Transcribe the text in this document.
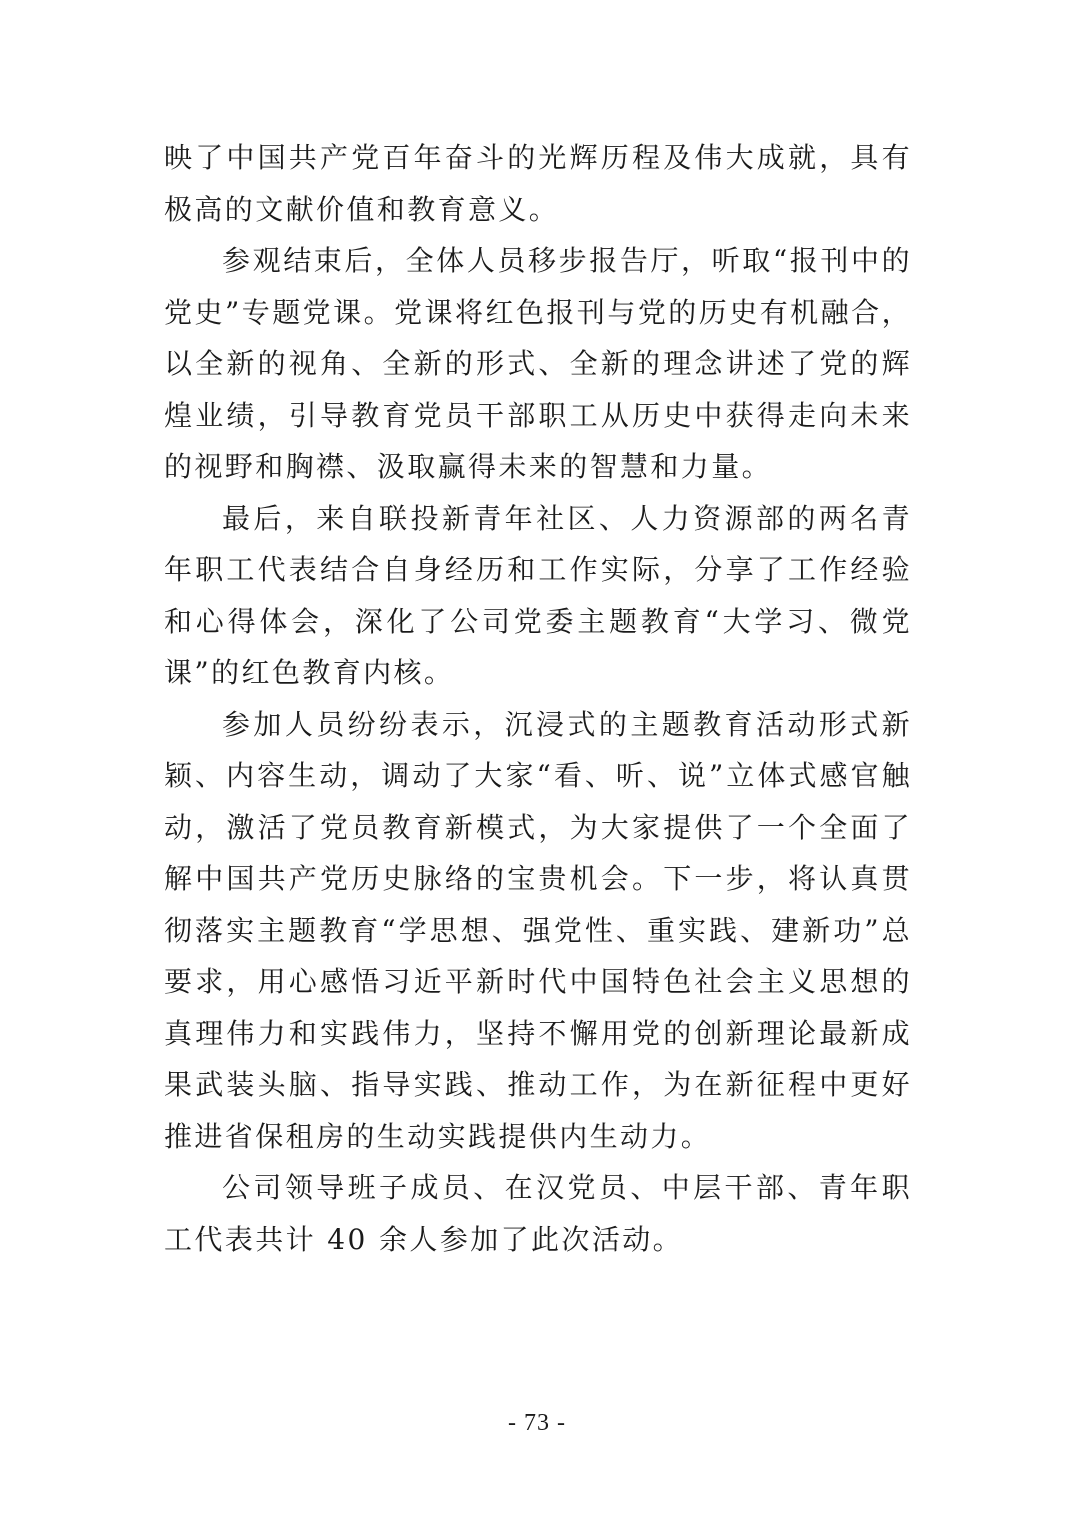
映了中国共产党百年奋斗的光辉历程及伟大成就，具有极高的文献价值和教育意义。

参观结束后，全体人员移步报告厅，听取“报刊中的党史”专题党课。党课将红色报刊与党的历史有机融合，以全新的视角、全新的形式、全新的理念讲述了党的辉煌业绩，引导教育党员干部职工从历史中获得走向未来的视野和胸襟、汲取赢得未来的智慧和力量。

最后，来自联投新青年社区、人力资源部的两名青年职工代表结合自身经历和工作实际，分享了工作经验和心得体会，深化了公司党委主题教育“大学习、微党课”的红色教育内核。

参加人员纷纷表示，沉浸式的主题教育活动形式新颖、内容生动，调动了大家“看、听、说”立体式感官触动，激活了党员教育新模式，为大家提供了一个全面了解中国共产党历史脉络的宝贵机会。下一步，将认真贯彻落实主题教育“学思想、强党性、重实践、建新功”总要求，用心感悟习近平新时代中国特色社会主义思想的真理伟力和实践伟力，坚持不懈用党的创新理论最新成果武装头脑、指导实践、推动工作，为在新征程中更好推进省保租房的生动实践提供内生动力。

公司领导班子成员、在汉党员、中层干部、青年职工代表共计 40 余人参加了此次活动。

- 73 -
